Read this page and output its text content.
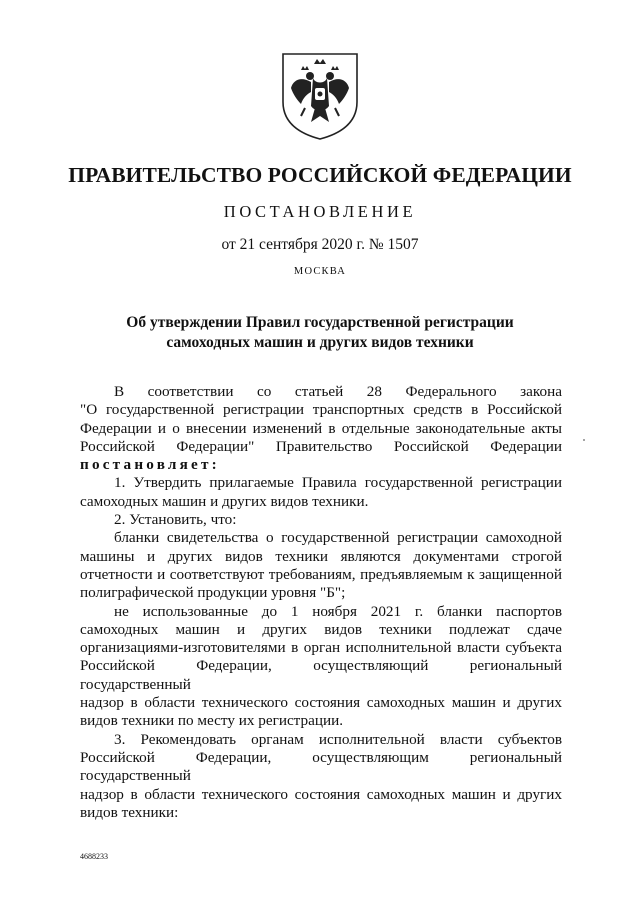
ПРАВИТЕЛЬСТВО РОССИЙСКОЙ ФЕДЕРАЦИИ
ПОСТАНОВЛЕНИЕ
от 21 сентября 2020 г. № 1507
МОСКВА
Об утверждении Правил государственной регистрации
самоходных машин и других видов техники

В соответствии со статьей 28 Федерального закона

"О государственной регистрации транспортных средств в Российской

Федерации и о внесении изменений в отдельные законодательные акты

Российской Федерации" Правительство Российской Федерации

постановляет:

1. Утвердить прилагаемые Правила государственной регистрации

самоходных машин и других видов техники.

2. Установить, что:

бланки свидетельства о государственной регистрации самоходной

машины и других видов техники являются документами строгой

отчетности и соответствуют требованиям, предъявляемым к защищенной

полиграфической продукции уровня "Б";

не использованные до 1 ноября 2021 г. бланки паспортов

самоходных машин и других видов техники подлежат сдаче

организациями-изготовителями в орган исполнительной власти субъекта

Российской Федерации, осуществляющий региональный государственный

надзор в области технического состояния самоходных машин и других

видов техники по месту их регистрации.

3. Рекомендовать органам исполнительной власти субъектов

Российской Федерации, осуществляющим региональный государственный

надзор в области технического состояния самоходных машин и других

видов техники:

4688233
